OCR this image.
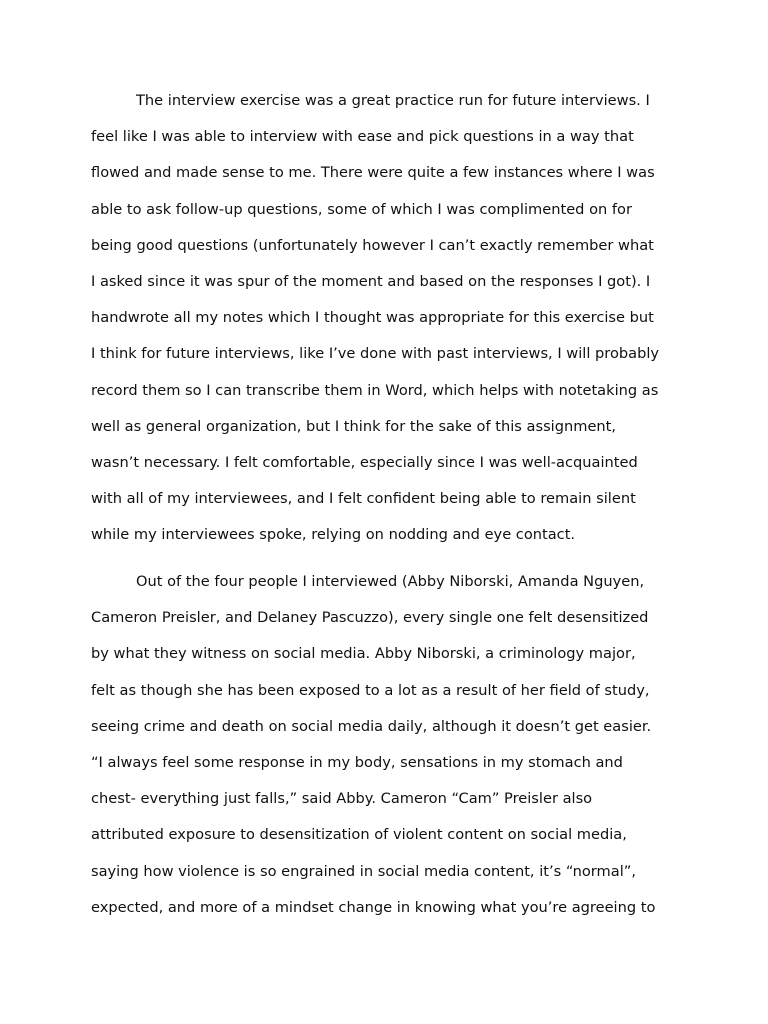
The interview exercise was a great practice run for future interviews. I
feel like I was able to interview with ease and pick questions in a way that
flowed and made sense to me. There were quite a few instances where I was
able to ask follow-up questions, some of which I was complimented on for
being good questions (unfortunately however I can’t exactly remember what
I asked since it was spur of the moment and based on the responses I got). I
handwrote all my notes which I thought was appropriate for this exercise but
I think for future interviews, like I’ve done with past interviews, I will probably
record them so I can transcribe them in Word, which helps with notetaking as
well as general organization, but I think for the sake of this assignment,
wasn’t necessary. I felt comfortable, especially since I was well-acquainted
with all of my interviewees, and I felt confident being able to remain silent
while my interviewees spoke, relying on nodding and eye contact.
Out of the four people I interviewed (Abby Niborski, Amanda Nguyen,
Cameron Preisler, and Delaney Pascuzzo), every single one felt desensitized
by what they witness on social media. Abby Niborski, a criminology major,
felt as though she has been exposed to a lot as a result of her field of study,
seeing crime and death on social media daily, although it doesn’t get easier.
“I always feel some response in my body, sensations in my stomach and
chest- everything just falls,” said Abby. Cameron “Cam” Preisler also
attributed exposure to desensitization of violent content on social media,
saying how violence is so engrained in social media content, it’s “normal”,
expected, and more of a mindset change in knowing what you’re agreeing to
